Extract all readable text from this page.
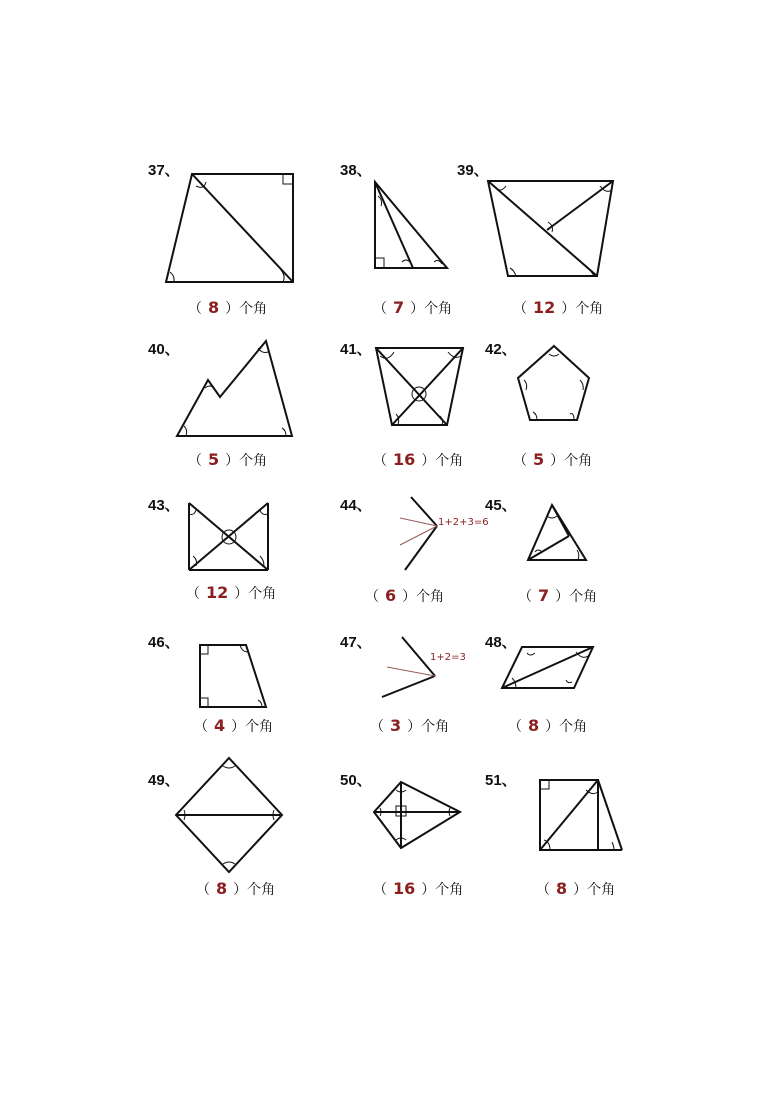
1+2+3=6
1+2=3
37、	38、	39、
40、	41、	42、
43、	44、	45、
46、	47、	48、
49、	50、	51、
（ 8 ）个角	（ 7 ）个角	（ 12 ）个角
（ 5 ）个角	（ 16 ）个角	（ 5 ）个角
（ 12 ）个角	（ 6 ）个角	（ 7 ）个角
（ 4 ）个角	（ 3 ）个角	（ 8 ）个角
（ 8 ）个角	（ 16 ）个角	（ 8 ）个角
